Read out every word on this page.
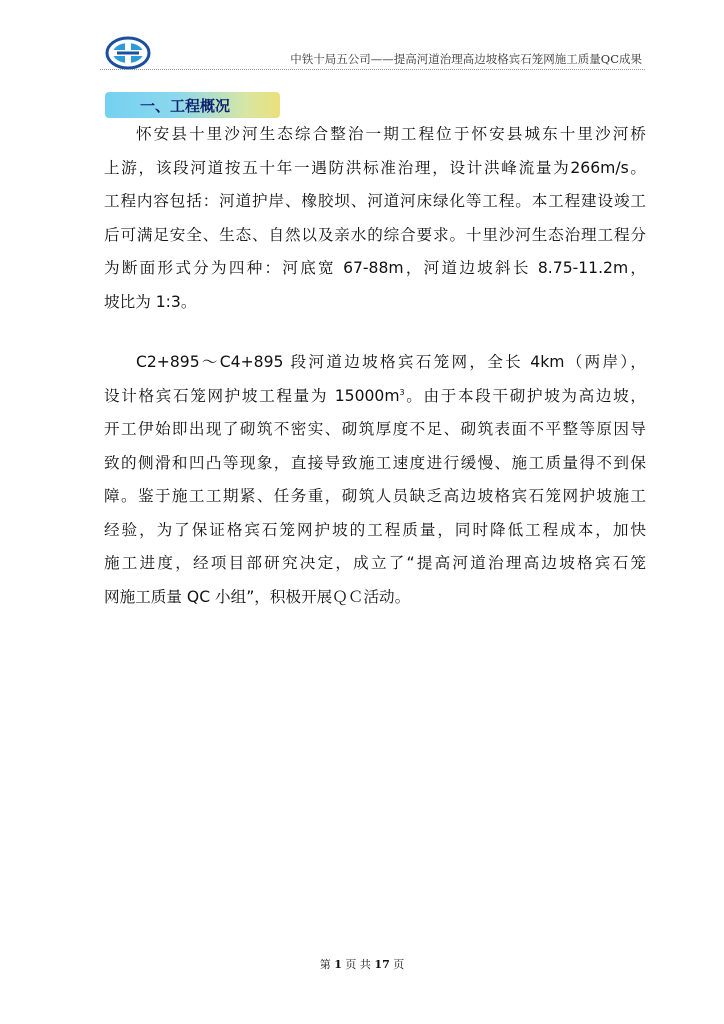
中铁十局五公司——提高河道治理高边坡格宾石笼网施工质量QC成果
一、工程概况
怀安县十里沙河生态综合整治一期工程位于怀安县城东十里沙河桥
上游，该段河道按五十年一遇防洪标准治理，设计洪峰流量为266m/s。
工程内容包括：河道护岸、橡胶坝、河道河床绿化等工程。本工程建设竣工
后可满足安全、生态、自然以及亲水的综合要求。十里沙河生态治理工程分
为断面形式分为四种：河底宽 67-88m，河道边坡斜长 8.75-11.2m，
坡比为 1:3。
C2+895～C4+895 段河道边坡格宾石笼网，全长 4km（两岸），
设计格宾石笼网护坡工程量为 $15000m^3$。由于本段干砌护坡为高边坡，
开工伊始即出现了砌筑不密实、砌筑厚度不足、砌筑表面不平整等原因导
致的侧滑和凹凸等现象，直接导致施工速度进行缓慢、施工质量得不到保
障。鉴于施工工期紧、任务重，砌筑人员缺乏高边坡格宾石笼网护坡施工
经验，为了保证格宾石笼网护坡的工程质量，同时降低工程成本，加快
施工进度，经项目部研究决定，成立了“提高河道治理高边坡格宾石笼
网施工质量 QC 小组”，积极开展ＱＣ活动。
第 1 页 共 17 页
